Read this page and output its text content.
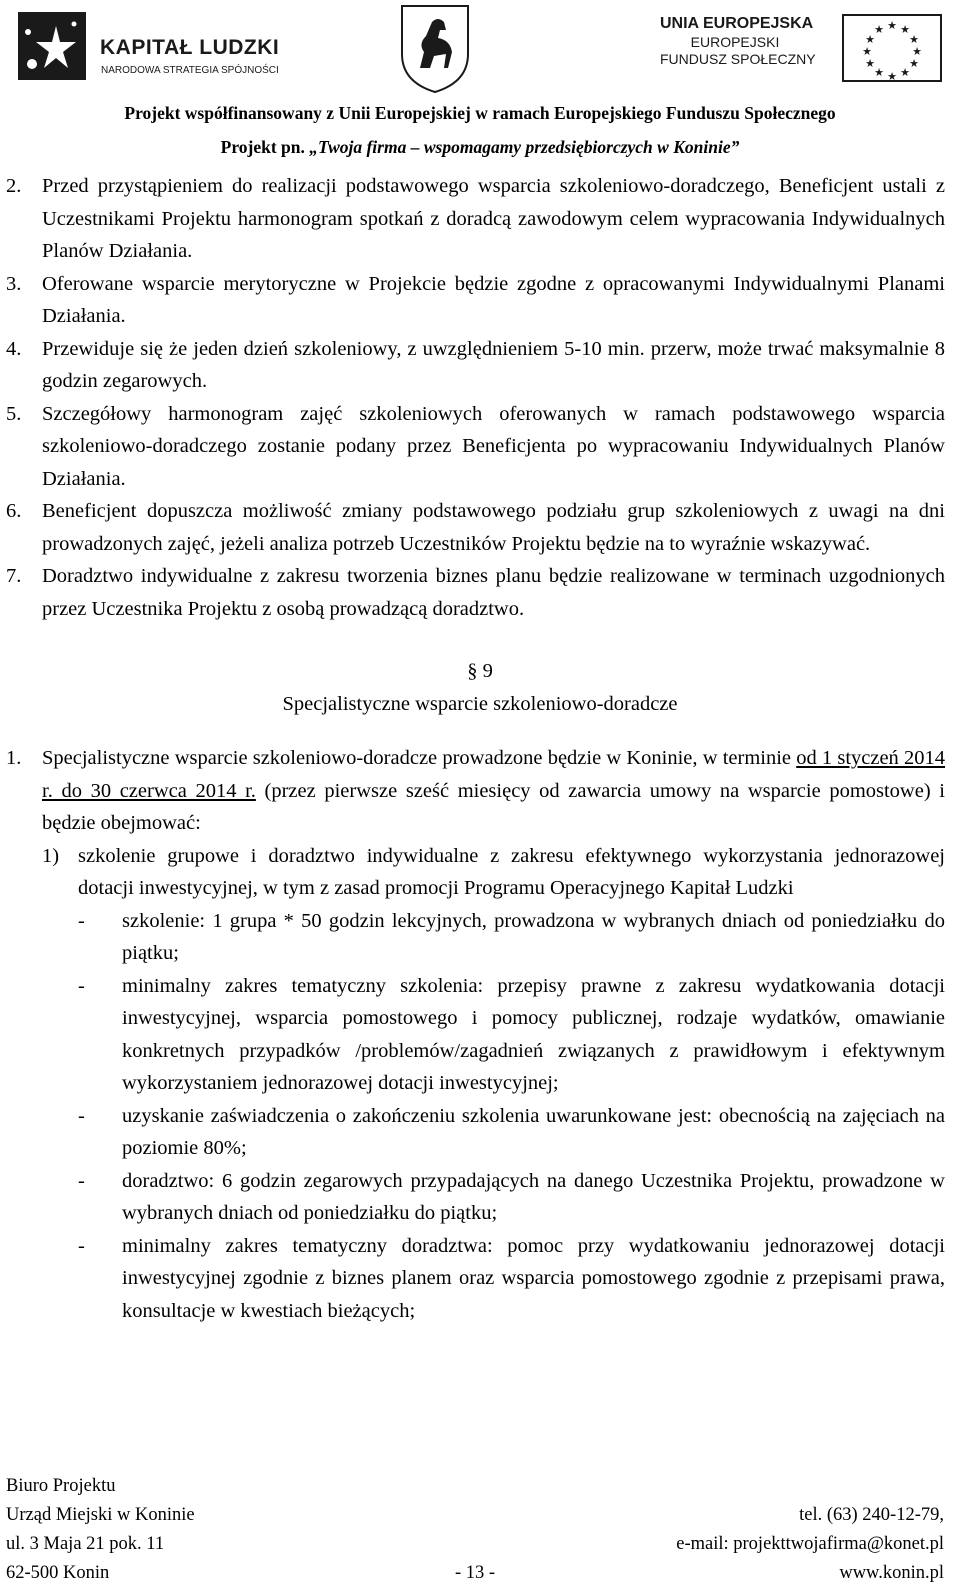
KAPITAŁ LUDZKI
NARODOWA STRATEGIA SPÓJNOŚCI
UNIA EUROPEJSKA
EUROPEJSKI
FUNDUSZ SPOŁECZNY
★ ★
★
★
★
★
★
★
★
★
★
★
Projekt współfinansowany z Unii Europejskiej w ramach Europejskiego Funduszu Społecznego
Projekt pn. „Twoja firma – wspomagamy przedsiębiorczych w Koninie”
2. Przed przystąpieniem do realizacji podstawowego wsparcia szkoleniowo-doradczego, Beneficjent ustali z Uczestnikami Projektu harmonogram spotkań z doradcą zawodowym celem wypracowania Indywidualnych Planów Działania.
3. Oferowane wsparcie merytoryczne w Projekcie będzie zgodne z opracowanymi Indywidualnymi Planami Działania.
4. Przewiduje się że jeden dzień szkoleniowy, z uwzględnieniem 5-10 min. przerw, może trwać maksymalnie 8 godzin zegarowych.
5. Szczegółowy harmonogram zajęć szkoleniowych oferowanych w ramach podstawowego wsparcia szkoleniowo-doradczego zostanie podany przez Beneficjenta po wypracowaniu Indywidualnych Planów Działania.
6. Beneficjent dopuszcza możliwość zmiany podstawowego podziału grup szkoleniowych z uwagi na dni prowadzonych zajęć, jeżeli analiza potrzeb Uczestników Projektu będzie na to wyraźnie wskazywać.
7. Doradztwo indywidualne z zakresu tworzenia biznes planu będzie realizowane w terminach uzgodnionych przez Uczestnika Projektu z osobą prowadzącą doradztwo.
§ 9
Specjalistyczne wsparcie szkoleniowo-doradcze
1. Specjalistyczne wsparcie szkoleniowo-doradcze prowadzone będzie w Koninie, w terminie od 1 styczeń 2014 r. do 30 czerwca 2014 r. (przez pierwsze sześć miesięcy od zawarcia umowy na wsparcie pomostowe) i będzie obejmować:
1) szkolenie grupowe i doradztwo indywidualne z zakresu efektywnego wykorzystania jednorazowej dotacji inwestycyjnej, w tym z zasad promocji Programu Operacyjnego Kapitał Ludzki
- szkolenie: 1 grupa * 50 godzin lekcyjnych, prowadzona w wybranych dniach od poniedziałku do piątku;
- minimalny zakres tematyczny szkolenia: przepisy prawne z zakresu wydatkowania dotacji inwestycyjnej, wsparcia pomostowego i pomocy publicznej, rodzaje wydatków, omawianie konkretnych przypadków /problemów/zagadnień związanych z prawidłowym i efektywnym wykorzystaniem jednorazowej dotacji inwestycyjnej;
- uzyskanie zaświadczenia o zakończeniu szkolenia uwarunkowane jest: obecnością na zajęciach na poziomie 80%;
- doradztwo: 6 godzin zegarowych przypadających na danego Uczestnika Projektu, prowadzone w wybranych dniach od poniedziałku do piątku;
- minimalny zakres tematyczny doradztwa: pomoc przy wydatkowaniu jednorazowej dotacji inwestycyjnej zgodnie z biznes planem oraz wsparcia pomostowego zgodnie z przepisami prawa, konsultacje w kwestiach bieżących;
Biuro Projektu
Urząd Miejski w Koninie	tel. (63) 240-12-79,
ul. 3 Maja 21 pok. 11	e-mail: projekttwojafirma@konet.pl
62-500 Konin	- 13 -	www.konin.pl
